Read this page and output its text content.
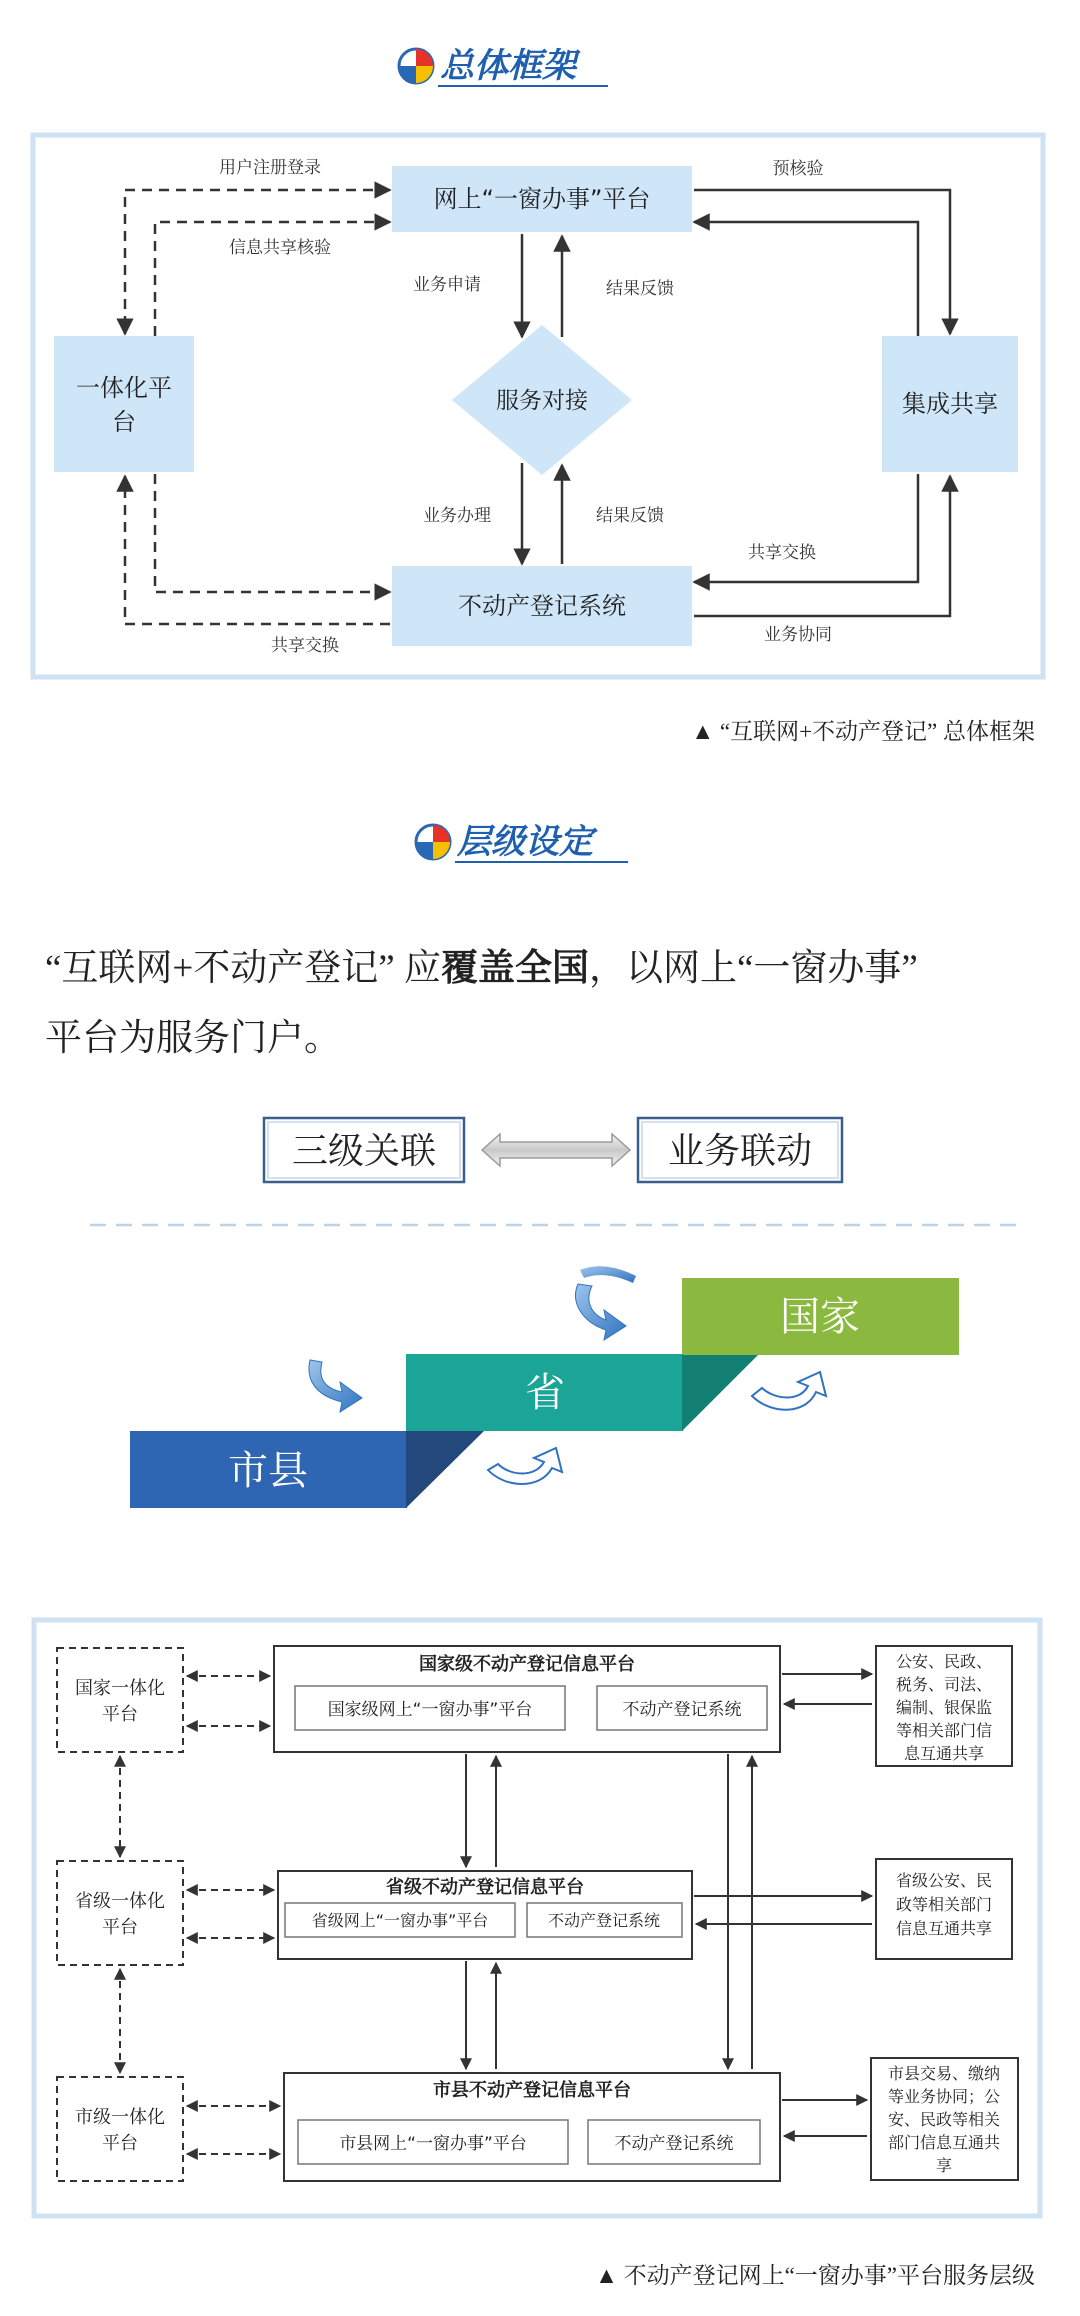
总体框架
网上“一窗办事”平台
服务对接
一体化平
台
集成共享
不动产登记系统
用户注册登录
信息共享核验
共享交换
预核验
共享交换
业务协同
业务申请	结果反馈
业务办理	结果反馈
▲ “互联网+不动产登记” 总体框架
层级设定
“互联网+不动产登记” 应覆盖全国，以网上“一窗办事”
平台为服务门户。
三级关联	业务联动
国家
省
市县
国家一体化
平台
省级一体化
平台
市级一体化
平台
国家级不动产登记信息平台
国家级网上“一窗办事”平台	不动产登记系统
省级不动产登记信息平台
省级网上“一窗办事”平台	不动产登记系统
市县不动产登记信息平台
市县网上“一窗办事”平台	不动产登记系统
公安、民政、
税务、司法、
编制、银保监
等相关部门信
息互通共享
省级公安、民
政等相关部门
信息互通共享
市县交易、缴纳
等业务协同；公
安、民政等相关
部门信息互通共
享
▲ 不动产登记网上“一窗办事”平台服务层级
